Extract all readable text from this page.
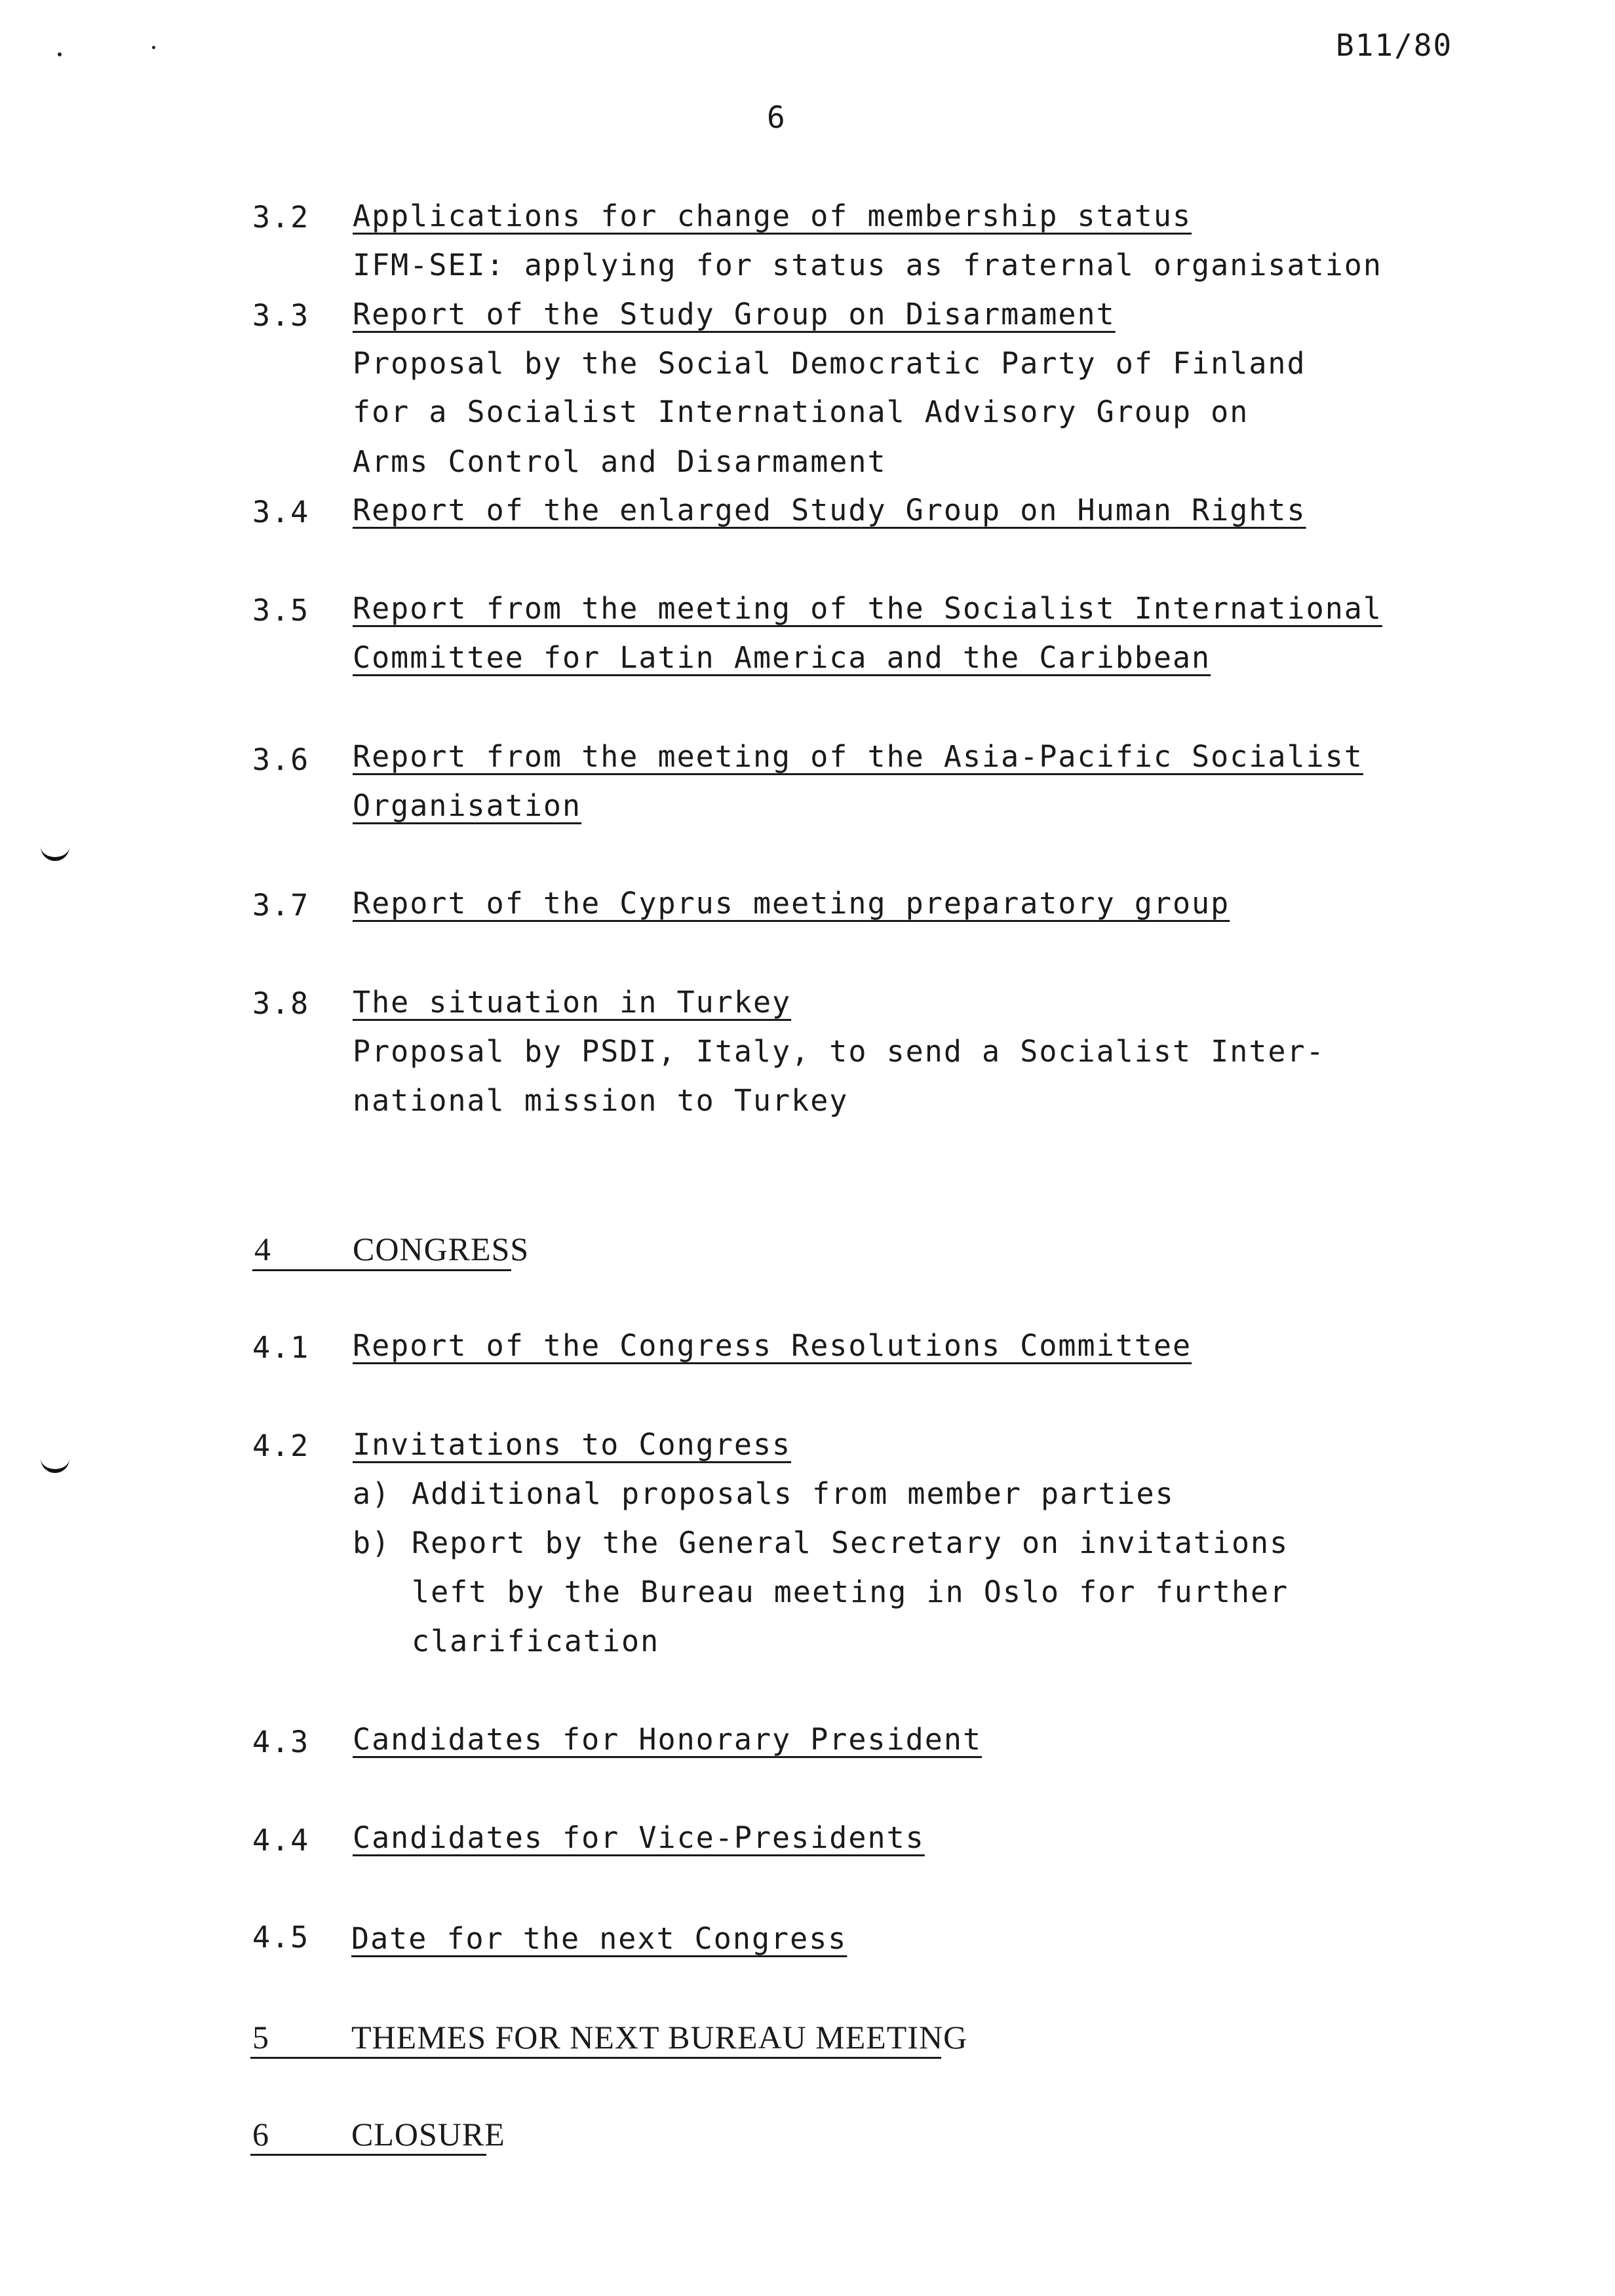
B11/80
6
3.2 Applications for change of membership status
IFM-SEI: applying for status as fraternal organisation
3.3 Report of the Study Group on Disarmament
Proposal by the Social Democratic Party of Finland
for a Socialist International Advisory Group on
Arms Control and Disarmament
3.4 Report of the enlarged Study Group on Human Rights
3.5 Report from the meeting of the Socialist International
Committee for Latin America and the Caribbean
3.6 Report from the meeting of the Asia-Pacific Socialist
Organisation
3.7 Report of the Cyprus meeting preparatory group
3.8 The situation in Turkey
Proposal by PSDI, Italy, to send a Socialist Inter-
national mission to Turkey
4 CONGRESS
4.1 Report of the Congress Resolutions Committee
4.2 Invitations to Congress
a) Additional proposals from member parties
b) Report by the General Secretary on invitations
left by the Bureau meeting in Oslo for further
clarification
4.3 Candidates for Honorary President
4.4 Candidates for Vice-Presidents
4.5 Date for the next Congress
5	THEMES FOR NEXT BUREAU MEETING
6	CLOSURE
